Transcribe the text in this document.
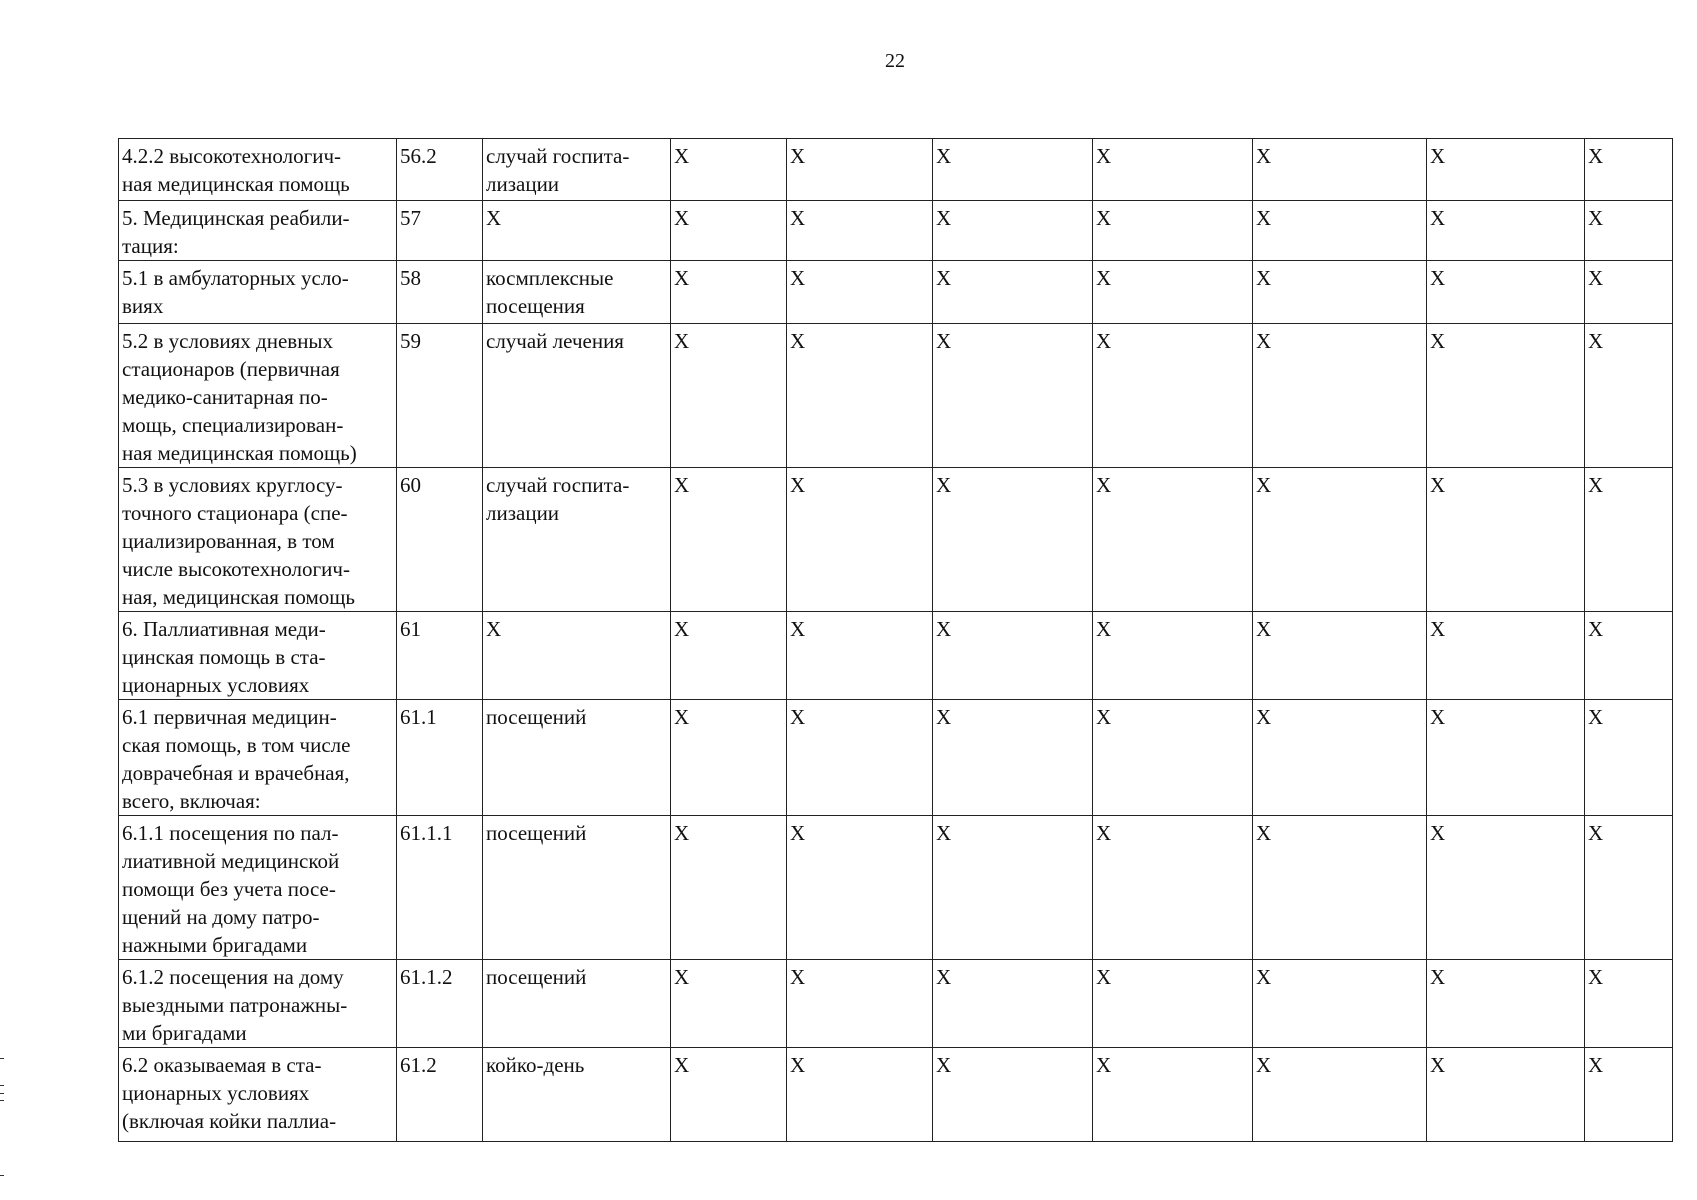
22
4.2.2 высокотехнологич-
ная медицинская помощь	56.2	случай госпита-
лизации	X	X	X	X	X	X	X
5. Медицинская реабили-
тация:	57	X	X	X	X	X	X	X	X
5.1 в амбулаторных усло-
виях	58	космплексные
посещения	X	X	X	X	X	X	X
5.2 в условиях дневных
стационаров (первичная
медико-санитарная по-
мощь, специализирован-
ная медицинская помощь)	59	случай лечения	X	X	X	X	X	X	X
5.3 в условиях круглосу-
точного стационара (спе-
циализированная, в том
числе высокотехнологич-
ная, медицинская помощь	60	случай госпита-
лизации	X	X	X	X	X	X	X
6. Паллиативная меди-
цинская помощь в ста-
ционарных условиях	61	X	X	X	X	X	X	X	X
6.1 первичная медицин-
ская помощь, в том числе
доврачебная и врачебная,
всего, включая:	61.1	посещений	X	X	X	X	X	X	X
6.1.1 посещения по пал-
лиативной медицинской
помощи без учета посе-
щений на дому патро-
нажными бригадами	61.1.1	посещений	X	X	X	X	X	X	X
6.1.2 посещения на дому
выездными патронажны-
ми бригадами	61.1.2	посещений	X	X	X	X	X	X	X
6.2 оказываемая в ста-
ционарных условиях
(включая койки паллиа-	61.2	койко-день	X	X	X	X	X	X	X
